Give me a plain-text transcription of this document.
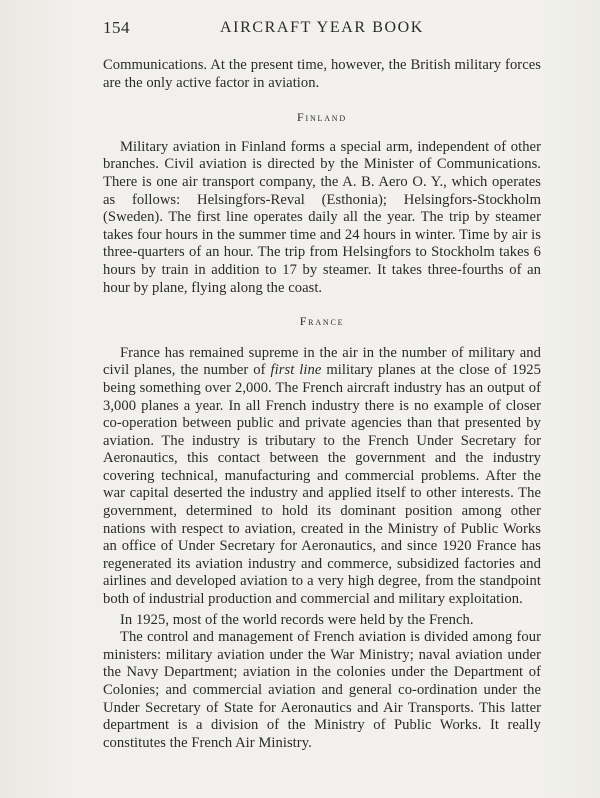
154	AIRCRAFT YEAR BOOK

Communications. At the present time, however, the British military forces are the only active factor in aviation.

Finland

Military aviation in Finland forms a special arm, independent of other branches. Civil aviation is directed by the Minister of Communications. There is one air transport company, the A. B. Aero O. Y., which operates as follows: Helsingfors-Reval (Esthonia); Helsingfors-Stockholm (Sweden). The first line operates daily all the year. The trip by steamer takes four hours in the summer time and 24 hours in winter. Time by air is three-quarters of an hour. The trip from Helsingfors to Stockholm takes 6 hours by train in addition to 17 by steamer. It takes three-fourths of an hour by plane, flying along the coast.

France

France has remained supreme in the air in the number of military and civil planes, the number of first line military planes at the close of 1925 being something over 2,000. The French aircraft industry has an output of 3,000 planes a year. In all French industry there is no example of closer co-operation between public and private agencies than that presented by aviation. The industry is tributary to the French Under Secretary for Aeronautics, this contact between the government and the industry covering technical, manufacturing and commercial problems. After the war capital deserted the industry and applied itself to other interests. The government, determined to hold its dominant position among other nations with respect to aviation, created in the Ministry of Public Works an office of Under Secretary for Aeronautics, and since 1920 France has regenerated its aviation industry and commerce, subsidized factories and airlines and developed aviation to a very high degree, from the standpoint both of industrial production and commercial and military exploitation.

In 1925, most of the world records were held by the French.

The control and management of French aviation is divided among four ministers: military aviation under the War Ministry; naval aviation under the Navy Department; aviation in the colonies under the Department of Colonies; and commercial aviation and general co-ordination under the Under Secretary of State for Aeronautics and Air Transports. This latter department is a division of the Ministry of Public Works. It really constitutes the French Air Ministry.
